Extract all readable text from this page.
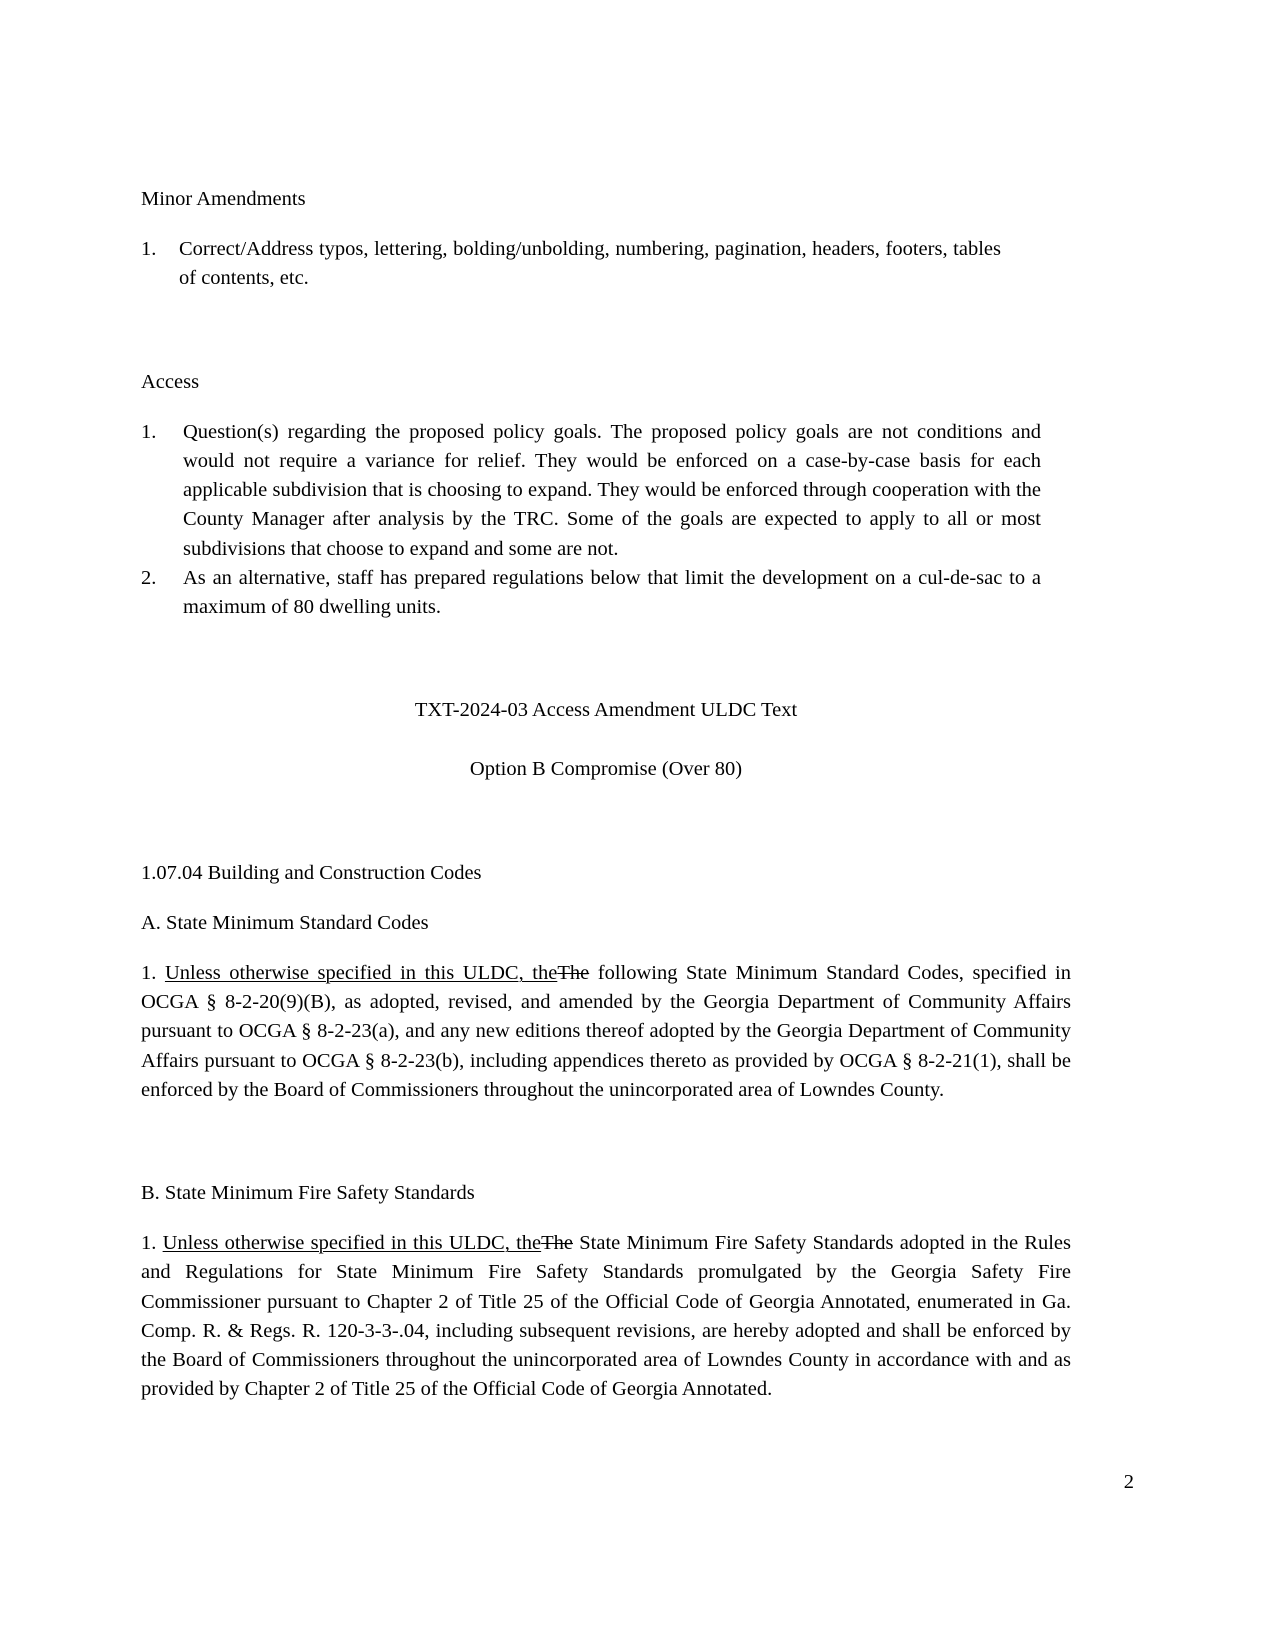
Minor Amendments

1.	Correct/Address typos, lettering, bolding/unbolding, numbering, pagination, headers, footers, tables of contents, etc.

Access

1.	Question(s) regarding the proposed policy goals. The proposed policy goals are not conditions and would not require a variance for relief. They would be enforced on a case-by-case basis for each applicable subdivision that is choosing to expand. They would be enforced through cooperation with the County Manager after analysis by the TRC. Some of the goals are expected to apply to all or most subdivisions that choose to expand and some are not.
2.	As an alternative, staff has prepared regulations below that limit the development on a cul-de-sac to a maximum of 80 dwelling units.

TXT-2024-03 Access Amendment ULDC Text

Option B Compromise (Over 80)

1.07.04 Building and Construction Codes

A. State Minimum Standard Codes

1. Unless otherwise specified in this ULDC, theThe following State Minimum Standard Codes, specified in OCGA § 8-2-20(9)(B), as adopted, revised, and amended by the Georgia Department of Community Affairs pursuant to OCGA § 8-2-23(a), and any new editions thereof adopted by the Georgia Department of Community Affairs pursuant to OCGA § 8-2-23(b), including appendices thereto as provided by OCGA § 8-2-21(1), shall be enforced by the Board of Commissioners throughout the unincorporated area of Lowndes County.

B. State Minimum Fire Safety Standards

1. Unless otherwise specified in this ULDC, theThe State Minimum Fire Safety Standards adopted in the Rules and Regulations for State Minimum Fire Safety Standards promulgated by the Georgia Safety Fire Commissioner pursuant to Chapter 2 of Title 25 of the Official Code of Georgia Annotated, enumerated in Ga. Comp. R. & Regs. R. 120-3-3-.04, including subsequent revisions, are hereby adopted and shall be enforced by the Board of Commissioners throughout the unincorporated area of Lowndes County in accordance with and as provided by Chapter 2 of Title 25 of the Official Code of Georgia Annotated.

2
